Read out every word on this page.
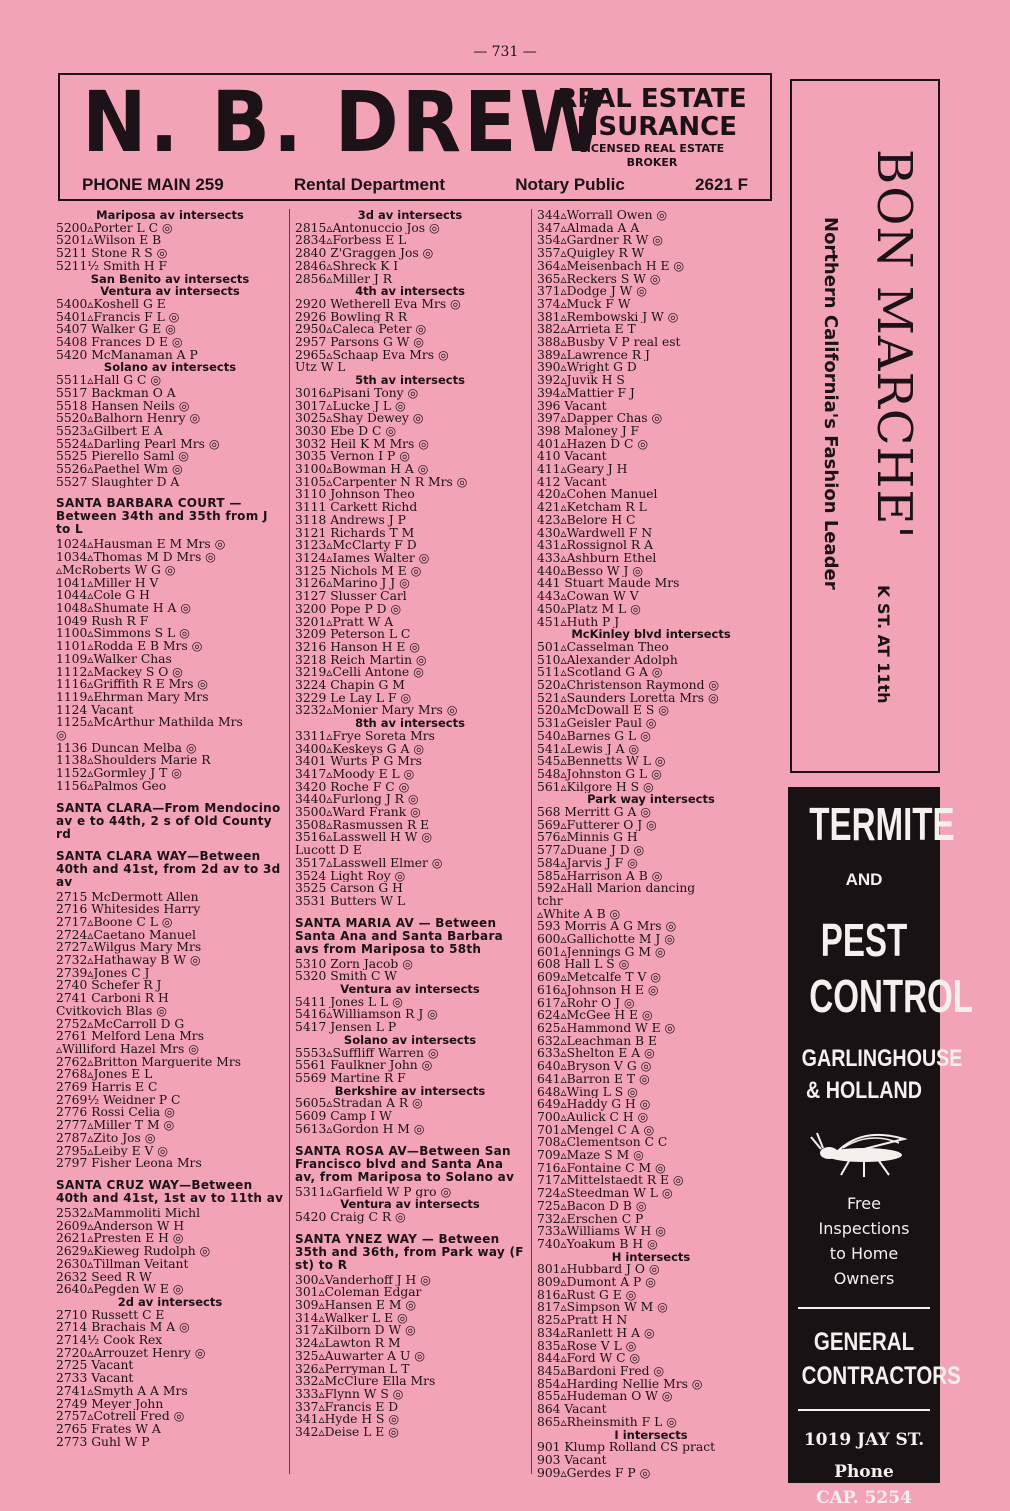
— 731 —
N. B. DREW
REAL ESTATE
INSURANCE
LICENSED REAL ESTATE
BROKER
PHONE MAIN 259	Rental Department	Notary Public	2621 F
Mariposa av intersects
5200▵Porter L C ◎
5201▵Wilson E B
5211 Stone R S ◎
5211½ Smith H F
San Benito av intersects
Ventura av intersects
5400▵Koshell G E
5401▵Francis F L ◎
5407 Walker G E ◎
5408 Frances D E ◎
5420 McManaman A P
Solano av intersects
5511▵Hall G C ◎
5517 Backman O A
5518 Hansen Neils ◎
5520▵Balhorn Henry ◎
5523▵Gilbert E A
5524▵Darling Pearl Mrs ◎
5525 Pierello Saml ◎
5526▵Paethel Wm ◎
5527 Slaughter D A
SANTA BARBARA COURT —Between 34th and 35th from J to L
1024▵Hausman E M Mrs ◎
1034▵Thomas M D Mrs ◎
▵McRoberts W G ◎
1041▵Miller H V
1044▵Cole G H
1048▵Shumate H A ◎
1049 Rush R F
1100▵Simmons S L ◎
1101▵Rodda E B Mrs ◎
1109▵Walker Chas
1112▵Mackey S O ◎
1116▵Griffith R E Mrs ◎
1119▵Ehrman Mary Mrs
1124 Vacant
1125▵McArthur Mathilda Mrs
◎
1136 Duncan Melba ◎
1138▵Shoulders Marie R
1152▵Gormley J T ◎
1156▵Palmos Geo
SANTA CLARA—From Mendocino av e to 44th, 2 s of Old County rd
SANTA CLARA WAY—Between 40th and 41st, from 2d av to 3d av
2715 McDermott Allen
2716 Whitesides Harry
2717▵Boone C L ◎
2724▵Caetano Manuel
2727▵Wilgus Mary Mrs
2732▵Hathaway B W ◎
2739▵Jones C J
2740 Schefer R J
2741 Carboni R H
Cvitkovich Blas ◎
2752▵McCarroll D G
2761 Melford Lena Mrs
▵Williford Hazel Mrs ◎
2762▵Britton Marguerite Mrs
2768▵Jones E L
2769 Harris E C
2769½ Weidner P C
2776 Rossi Celia ◎
2777▵Miller T M ◎
2787▵Zito Jos ◎
2795▵Leiby E V ◎
2797 Fisher Leona Mrs
SANTA CRUZ WAY—Between 40th and 41st, 1st av to 11th av
2532▵Mammoliti Michl
2609▵Anderson W H
2621▵Presten E H ◎
2629▵Kieweg Rudolph ◎
2630▵Tillman Veitant
2632 Seed R W
2640▵Pegden W E ◎
2d av intersects
2710 Russett C E
2714 Brachais M A ◎
2714½ Cook Rex
2720▵Arrouzet Henry ◎
2725 Vacant
2733 Vacant
2741▵Smyth A A Mrs
2749 Meyer John
2757▵Cotrell Fred ◎
2765 Frates W A
2773 Guhl W P
3d av intersects
2815▵Antonuccio Jos ◎
2834▵Forbess E L
2840 Z'Graggen Jos ◎
2846▵Shreck K I
2856▵Miller J R
4th av intersects
2920 Wetherell Eva Mrs ◎
2926 Bowling R R
2950▵Caleca Peter ◎
2957 Parsons G W ◎
2965▵Schaap Eva Mrs ◎
Utz W L
5th av intersects
3016▵Pisani Tony ◎
3017▵Lucke J L ◎
3025▵Shay Dewey ◎
3030 Ebe D C ◎
3032 Heil K M Mrs ◎
3035 Vernon I P ◎
3100▵Bowman H A ◎
3105▵Carpenter N R Mrs ◎
3110 Johnson Theo
3111 Carkett Richd
3118 Andrews J P
3121 Richards T M
3123▵McClarty F D
3124▵Iames Walter ◎
3125 Nichols M E ◎
3126▵Marino J J ◎
3127 Slusser Carl
3200 Pope P D ◎
3201▵Pratt W A
3209 Peterson L C
3216 Hanson H E ◎
3218 Reich Martin ◎
3219▵Celli Antone ◎
3224 Chapin G M
3229 Le Lay L F ◎
3232▵Monier Mary Mrs ◎
8th av intersects
3311▵Frye Soreta Mrs
3400▵Keskeys G A ◎
3401 Wurts P G Mrs
3417▵Moody E L ◎
3420 Roche F C ◎
3440▵Furlong J R ◎
3500▵Ward Frank ◎
3508▵Rasmussen R E
3516▵Lasswell H W ◎
Lucott D E
3517▵Lasswell Elmer ◎
3524 Light Roy ◎
3525 Carson G H
3531 Butters W L
SANTA MARIA AV — Between Santa Ana and Santa Barbara avs from Mariposa to 58th
5310 Zorn Jacob ◎
5320 Smith C W
Ventura av intersects
5411 Jones L L ◎
5416▵Williamson R J ◎
5417 Jensen L P
Solano av intersects
5553▵Suffliff Warren ◎
5561 Faulkner John ◎
5569 Martine R F
Berkshire av intersects
5605▵Stradan A R ◎
5609 Camp I W
5613▵Gordon H M ◎
SANTA ROSA AV—Between San Francisco blvd and Santa Ana av, from Mariposa to Solano av
5311▵Garfield W P gro ◎
Ventura av intersects
5420 Craig C R ◎
SANTA YNEZ WAY — Between 35th and 36th, from Park way (F st) to R
300▵Vanderhoff J H ◎
301▵Coleman Edgar
309▵Hansen E M ◎
314▵Walker L E ◎
317▵Kilborn D W ◎
324▵Lawton R M
325▵Auwarter A U ◎
326▵Perryman L T
332▵McClure Ella Mrs
333▵Flynn W S ◎
337▵Francis E D
341▵Hyde H S ◎
342▵Deise L E ◎
344▵Worrall Owen ◎
347▵Almada A A
354▵Gardner R W ◎
357▵Quigley R W
364▵Meisenbach H E ◎
365▵Reckers S W ◎
371▵Dodge J W ◎
374▵Muck F W
381▵Rembowski J W ◎
382▵Arrieta E T
388▵Busby V P real est
389▵Lawrence R J
390▵Wright G D
392▵Juvik H S
394▵Mattier F J
396 Vacant
397▵Dapper Chas ◎
398 Maloney J F
401▵Hazen D C ◎
410 Vacant
411▵Geary J H
412 Vacant
420▵Cohen Manuel
421▵Ketcham R L
423▵Belore H C
430▵Wardwell F N
431▵Rossignol R A
433▵Ashburn Ethel
440▵Besso W J ◎
441 Stuart Maude Mrs
443▵Cowan W V
450▵Platz M L ◎
451▵Huth P J
McKinley blvd intersects
501▵Casselman Theo
510▵Alexander Adolph
511▵Scotland G A ◎
520▵Christenson Raymond ◎
521▵Saunders Loretta Mrs ◎
520▵McDowall E S ◎
531▵Geisler Paul ◎
540▵Barnes G L ◎
541▵Lewis J A ◎
545▵Bennetts W L ◎
548▵Johnston G L ◎
561▵Kilgore H S ◎
Park way intersects
568 Merritt G A ◎
569▵Futterer O J ◎
576▵Minnis G H
577▵Duane J D ◎
584▵Jarvis J F ◎
585▵Harrison A B ◎
592▵Hall Marion dancing
tchr
▵White A B ◎
593 Morris A G Mrs ◎
600▵Gallichotte M J ◎
601▵Jennings G M ◎
608 Hall L S ◎
609▵Metcalfe T V ◎
616▵Johnson H E ◎
617▵Rohr O J ◎
624▵McGee H E ◎
625▵Hammond W E ◎
632▵Leachman B E
633▵Shelton E A ◎
640▵Bryson V G ◎
641▵Barron E T ◎
648▵Wing L S ◎
649▵Haddy G H ◎
700▵Aulick C H ◎
701▵Mengel C A ◎
708▵Clementson C C
709▵Maze S M ◎
716▵Fontaine C M ◎
717▵Mittelstaedt R E ◎
724▵Steedman W L ◎
725▵Bacon D B ◎
732▵Erschen C P
733▵Williams W H ◎
740▵Yoakum B H ◎
H intersects
801▵Hubbard J O ◎
809▵Dumont A P ◎
816▵Rust G E ◎
817▵Simpson W M ◎
825▵Pratt H N
834▵Ranlett H A ◎
835▵Rose V L ◎
844▵Ford W C ◎
845▵Bardoni Fred ◎
854▵Harding Nellie Mrs ◎
855▵Hudeman O W ◎
864 Vacant
865▵Rheinsmith F L ◎
I intersects
901 Klump Rolland CS pract
903 Vacant
909▵Gerdes F P ◎
BON MARCHE'
Northern California's Fashion Leader
K ST. AT 11th
TERMITE
AND
PEST
CONTROL
GARLINGHOUSE
& HOLLAND
Free
Inspections
to Home
Owners
GENERAL
CONTRACTORS
1019 JAY ST.
Phone
CAP. 5254
